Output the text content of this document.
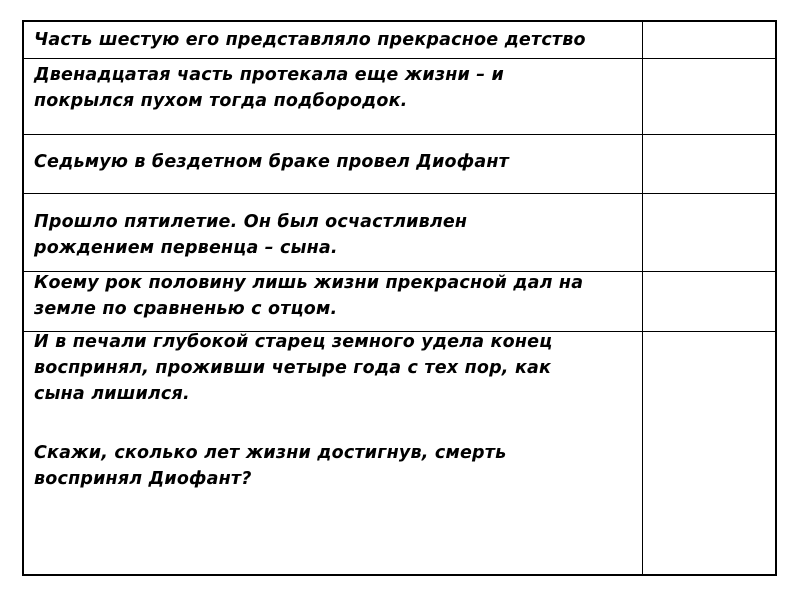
Часть шестую его представляло прекрасное детство
Двенадцатая часть протекала еще жизни – и
покрылся пухом тогда подбородок.
Седьмую в бездетном браке провел Диофант
Прошло пятилетие. Он был осчастливлен
рождением первенца – сына.
Коему рок половину лишь жизни прекрасной дал на
земле по сравненью с отцом.
И в печали глубокой старец земного удела конец
воспринял, проживши четыре года с тех пор, как
сына лишился.
Скажи, сколько лет жизни достигнув, смерть
воспринял Диофант?
